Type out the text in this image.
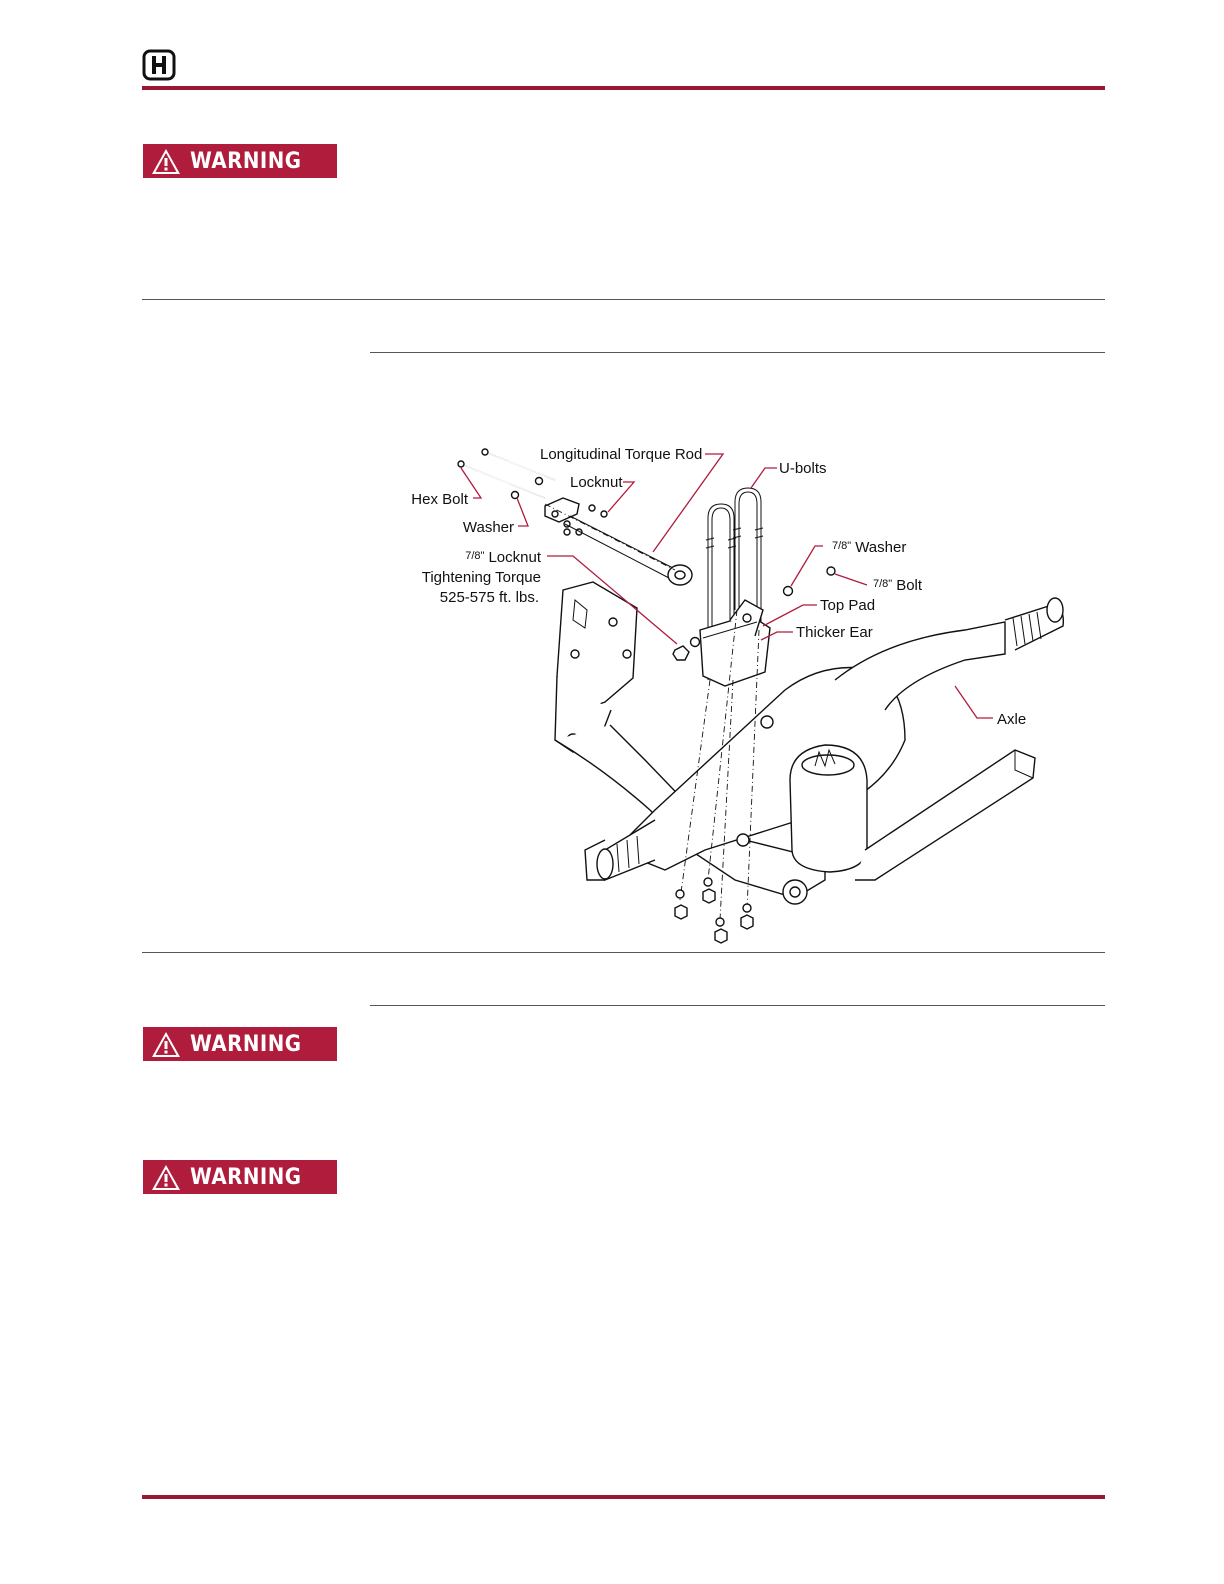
WARNING
Longitudinal Torque Rod
U-bolts
Locknut
Hex Bolt
Washer
$^{7/8"}$ Locknut
Tightening Torque
525-575 ft. lbs.
$^{7/8"}$ Washer
$^{7/8"}$ Bolt
Top Pad
Thicker Ear
Axle
WARNING
WARNING
